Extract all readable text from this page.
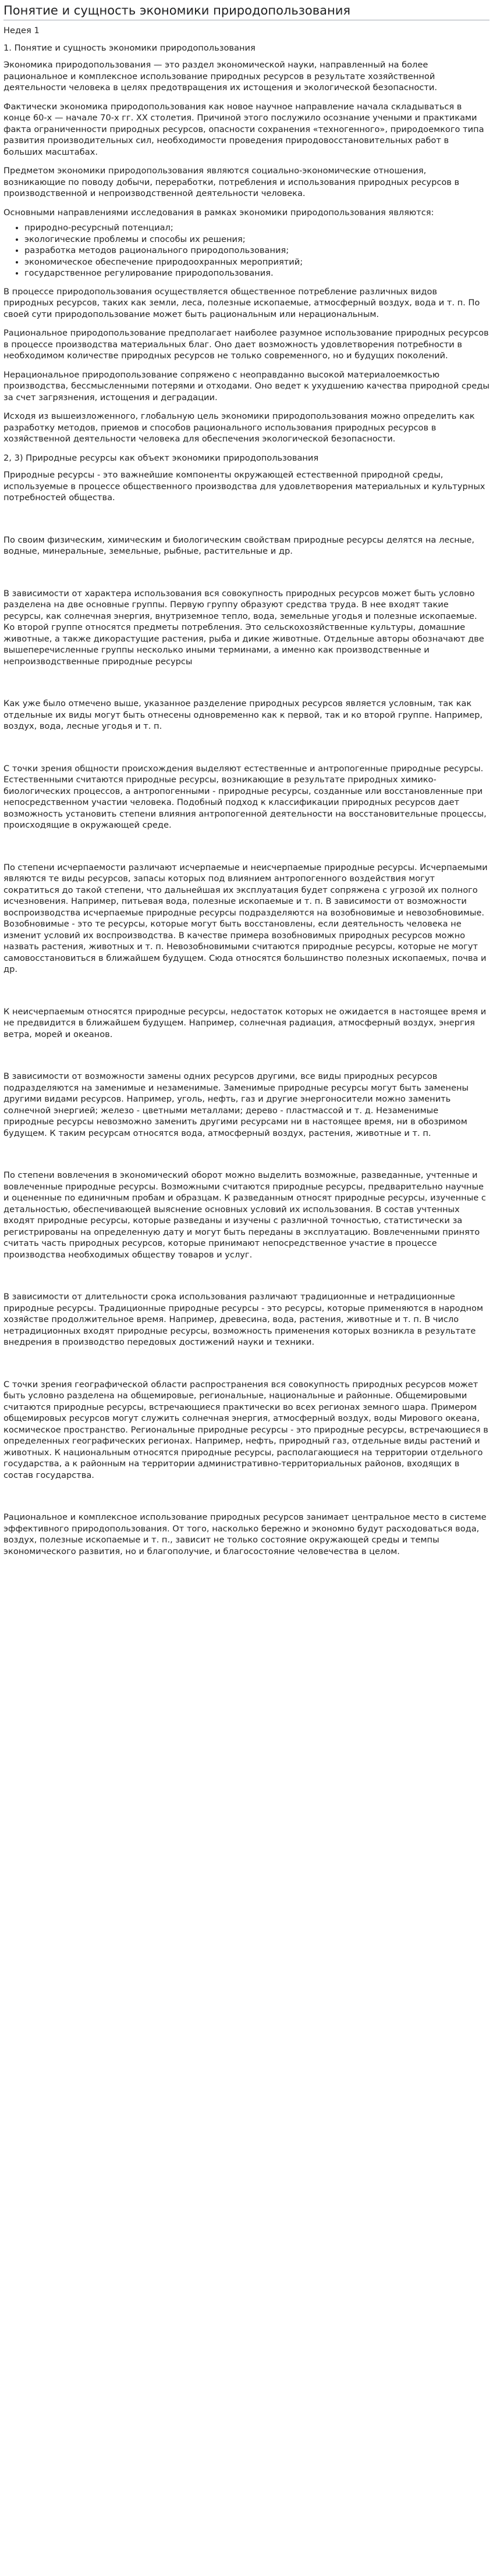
Понятие и сущность экономики природопользования

Недея 1

1. Понятие и сущность экономики природопользования

Экономика природопользования — это раздел экономической науки, направленный на более рациональное и комплексное использование природных ресурсов в результате хозяйственной деятельности человека в целях предотвращения их истощения и экологической безопасности.

Фактически экономика природопользования как новое научное направление начала складываться в конце 60-х — начале 70-х гг. XX столетия. Причиной этого послужило осознание учеными и практиками факта ограниченности природных ресурсов, опасности сохранения «техногенного», природоемкого типа развития производительных сил, необходимости проведения природовосстановительных работ в больших масштабах.

Предметом экономики природопользования являются социально-экономические отношения, возникающие по поводу добычи, переработки, потребления и использования природных ресурсов в производственной и непроизводственной деятельности человека.

Основными направлениями исследования в рамках экономики природопользования являются:

• природно-ресурсный потенциал;
• экологические проблемы и способы их решения;
• разработка методов рационального природопользования;
• экономическое обеспечение природоохранных мероприятий;
• государственное регулирование природопользования.

В процессе природопользования осуществляется общественное потребление различных видов природных ресурсов, таких как земли, леса, полезные ископаемые, атмосферный воздух, вода и т. п. По своей сути природопользование может быть рациональным или нерациональным.

Рациональное природопользование предполагает наиболее разумное использование природных ресурсов в процессе производства материальных благ. Оно дает возможность удовлетворения потребности в необходимом количестве природных ресурсов не только современного, но и будущих поколений.

Нерациональное природопользование сопряжено с неоправданно высокой материалоемкостью производства, бессмысленными потерями и отходами. Оно ведет к ухудшению качества природной среды за счет загрязнения, истощения и деградации.

Исходя из вышеизложенного, глобальную цель экономики природопользования можно определить как разработку методов, приемов и способов рационального использования природных ресурсов в хозяйственной деятельности человека для обеспечения экологической безопасности.

2, 3) Природные ресурсы как объект экономики природопользования

Природные ресурсы - это важнейшие компоненты окружающей естественной природной среды, используемые в процессе общественного производства для удовлетворения материальных и культурных потребностей общества.

По своим физическим, химическим и биологическим свойствам природные ресурсы делятся на лесные, водные, минеральные, земельные, рыбные, растительные и др.

В зависимости от характера использования вся совокупность природных ресурсов может быть условно разделена на две основные группы. Первую группу образуют средства труда. В нее входят такие ресурсы, как солнечная энергия, внутриземное тепло, вода, земельные угодья и полезные ископаемые. Ко второй группе относятся предметы потребления. Это сельскохозяйственные культуры, домашние животные, а также дикорастущие растения, рыба и дикие животные. Отдельные авторы обозначают две вышеперечисленные группы несколько иными терминами, а именно как производственные и непроизводственные природные ресурсы

Как уже было отмечено выше, указанное разделение природных ресурсов является условным, так как отдельные их виды могут быть отнесены одновременно как к первой, так и ко второй группе. Например, воздух, вода, лесные угодья и т. п.

С точки зрения общности происхождения выделяют естественные и антропогенные природные ресурсы. Естественными считаются природные ресурсы, возникающие в результате природных химико-биологических процессов, а антропогенными - природные ресурсы, созданные или восстановленные при непосредственном участии человека. Подобный подход к классификации природных ресурсов дает возможность установить степени влияния антропогенной деятельности на восстановительные процессы, происходящие в окружающей среде.

По степени исчерпаемости различают исчерпаемые и неисчерпаемые природные ресурсы. Исчерпаемыми являются те виды ресурсов, запасы которых под влиянием антропогенного воздействия могут сократиться до такой степени, что дальнейшая их эксплуатация будет сопряжена с угрозой их полного исчезновения. Например, питьевая вода, полезные ископаемые и т. п. В зависимости от возможности воспроизводства исчерпаемые природные ресурсы подразделяются на возобновимые и невозобновимые. Возобновимые - это те ресурсы, которые могут быть восстановлены, если деятельность человека не изменит условий их воспроизводства. В качестве примера возобновимых природных ресурсов можно назвать растения, животных и т. п. Невозобновимыми считаются природные ресурсы, которые не могут самовосстановиться в ближайшем будущем. Сюда относятся большинство полезных ископаемых, почва и др.

К неисчерпаемым относятся природные ресурсы, недостаток которых не ожидается в настоящее время и не предвидится в ближайшем будущем. Например, солнечная радиация, атмосферный воздух, энергия ветра, морей и океанов.

В зависимости от возможности замены одних ресурсов другими, все виды природных ресурсов подразделяются на заменимые и незаменимые. Заменимые природные ресурсы могут быть заменены другими видами ресурсов. Например, уголь, нефть, газ и другие энергоносители можно заменить солнечной энергией; железо - цветными металлами; дерево - пластмассой и т. д. Незаменимые природные ресурсы невозможно заменить другими ресурсами ни в настоящее время, ни в обозримом будущем. К таким ресурсам относятся вода, атмосферный воздух, растения, животные и т. п.

По степени вовлечения в экономический оборот можно выделить возможные, разведанные, учтенные и вовлеченные природные ресурсы. Возможными считаются природные ресурсы, предварительно научные и оцененные по единичным пробам и образцам. К разведанным относят природные ресурсы, изученные с детальностью, обеспечивающей выяснение основных условий их использования. В состав учтенных входят природные ресурсы, которые разведаны и изучены с различной точностью, статистически за регистрированы на определенную дату и могут быть переданы в эксплуатацию. Вовлеченными принято считать часть природных ресурсов, которые принимают непосредственное участие в процессе производства необходимых обществу товаров и услуг.

В зависимости от длительности срока использования различают традиционные и нетрадиционные природные ресурсы. Традиционные природные ресурсы - это ресурсы, которые применяются в народном хозяйстве продолжительное время. Например, древесина, вода, растения, животные и т. п. В число нетрадиционных входят природные ресурсы, возможность применения которых возникла в результате внедрения в производство передовых достижений науки и техники.

С точки зрения географической области распространения вся совокупность природных ресурсов может быть условно разделена на общемировые, региональные, национальные и районные. Общемировыми считаются природные ресурсы, встречающиеся практически во всех регионах земного шара. Примером общемировых ресурсов могут служить солнечная энергия, атмосферный воздух, воды Мирового океана, космическое пространство. Региональные природные ресурсы - это природные ресурсы, встречающиеся в определенных географических регионах. Например, нефть, природный газ, отдельные виды растений и животных. К национальным относятся природные ресурсы, располагающиеся на территории отдельного государства, а к районным на территории административно-территориальных районов, входящих в состав государства.

Рациональное и комплексное использование природных ресурсов занимает центральное место в системе эффективного природопользования. От того, насколько бережно и экономно будут расходоваться вода, воздух, полезные ископаемые и т. п., зависит не только состояние окружающей среды и темпы экономического развития, но и благополучие, и благосостояние человечества в целом.
